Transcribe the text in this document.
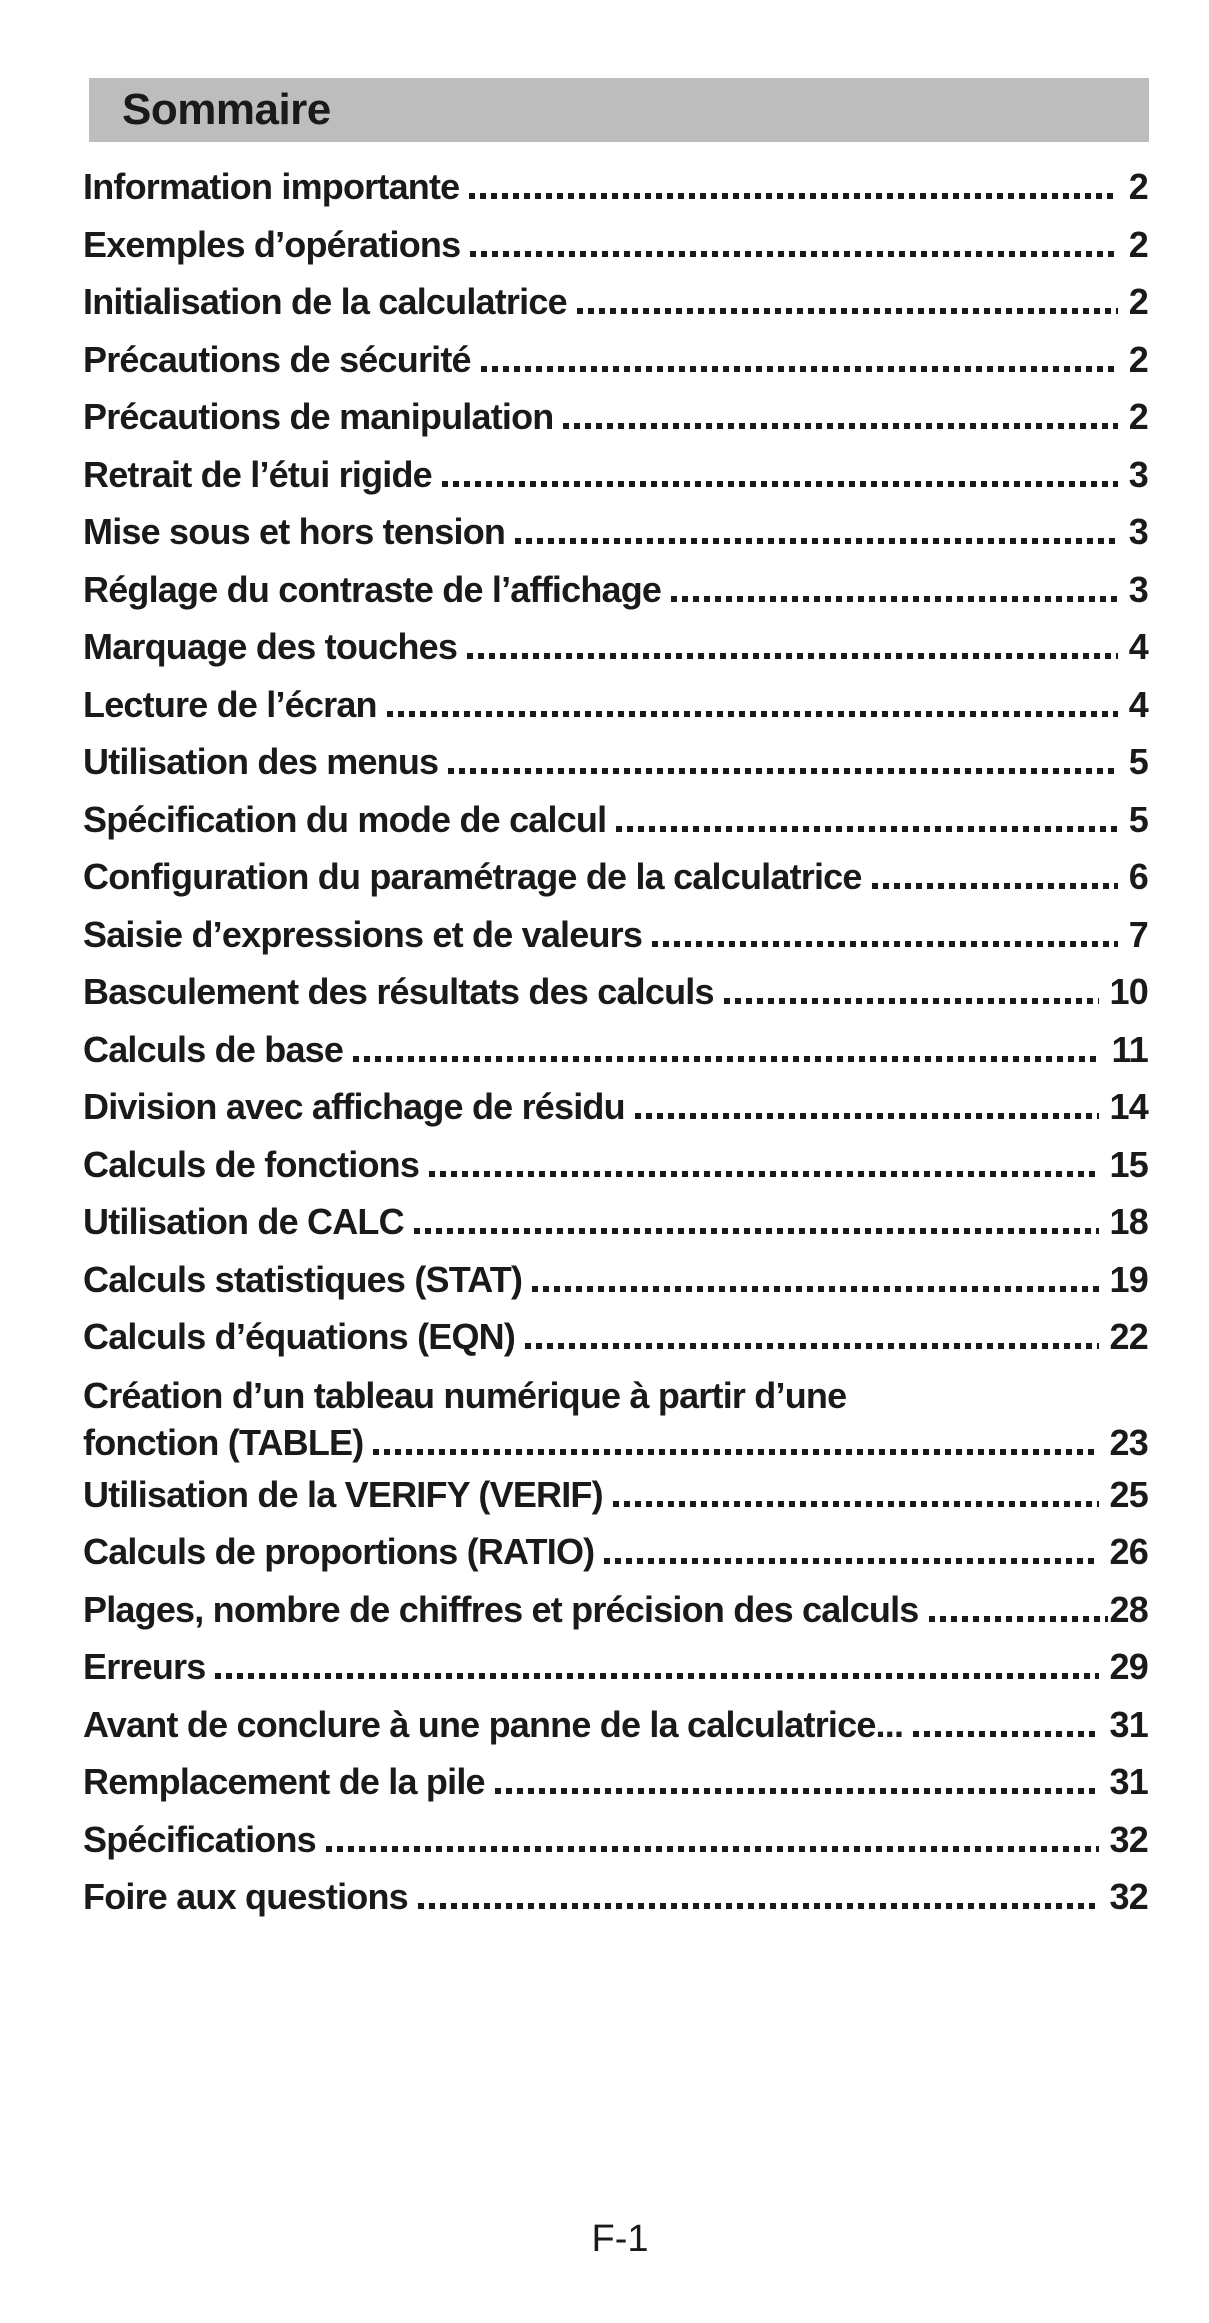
Sommaire
Information importante	2
Exemples d’opérations	2
Initialisation de la calculatrice	2
Précautions de sécurité	2
Précautions de manipulation	2
Retrait de l’étui rigide	3
Mise sous et hors tension	3
Réglage du contraste de l’affichage	3
Marquage des touches	4
Lecture de l’écran	4
Utilisation des menus	5
Spécification du mode de calcul	5
Configuration du paramétrage de la calculatrice	6
Saisie d’expressions et de valeurs	7
Basculement des résultats des calculs	10
Calculs de base	11
Division avec affichage de résidu	14
Calculs de fonctions	15
Utilisation de CALC	18
Calculs statistiques (STAT)	19
Calculs d’équations (EQN)	22
Création d’un tableau numérique à partir d’une
fonction (TABLE)	23
Utilisation de la VERIFY (VERIF)	25
Calculs de proportions (RATIO)	26
Plages, nombre de chiffres et précision des calculs	28
Erreurs	29
Avant de conclure à une panne de la calculatrice...	31
Remplacement de la pile	31
Spécifications	32
Foire aux questions	32
F-1
